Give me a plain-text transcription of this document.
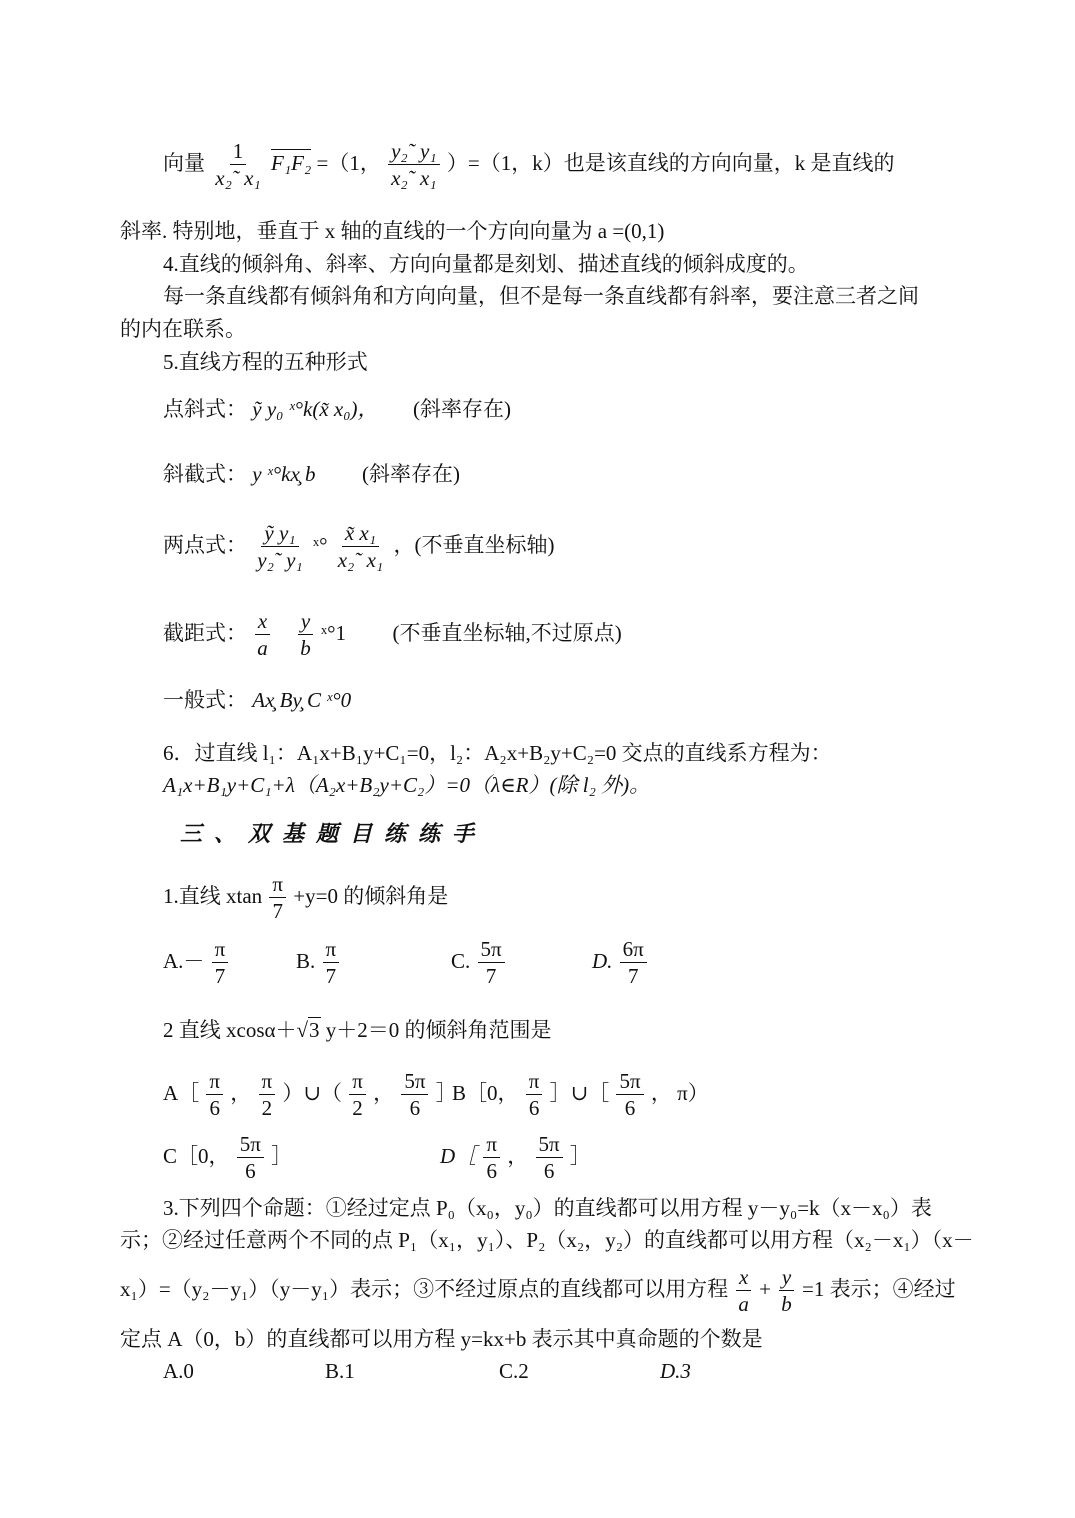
向量 $\frac{1}{\text{x₂˜ x₁}} F_1F_2 =(1$， $\frac{\text{y₂˜ y₁}}{\text{x₂˜ x₁}} )=(1$，k）也是该直线的方向向量，k 是直线的
斜率. 特别地，垂直于 x 轴的直线的一个方向向量为 a =(0,1)
4.直线的倾斜角、斜率、方向向量都是刻划、描述直线的倾斜成度的。
每一条直线都有倾斜角和方向向量，但不是每一条直线都有斜率，要注意三者之间
的内在联系。
5.直线方程的五种形式
点斜式： ỹ y₀ ˣ°k(x̃ x₀)， (斜率存在)
斜截式： y ˣ°kx̧ b (斜率存在)
两点式： $\frac{\text{ỹ y₁}}{\text{y₂˜ y₁}}$ ˣ° $\frac{\text{x̃ x₁}}{\text{x₂˜ x₁}}$ ，(不垂直坐标轴)
截距式： $\frac{x}{a}$
$\frac{y}{b}$ ˣ°1 (不垂直坐标轴,不过原点)
一般式： Ax̧ By̧ C ˣ°0
6．过直线 l₁：A₁x+B₁y+C₁=0，l₂：A₂x+B₂y+C₂=0 交点的直线系方程为：
A₁x+B₁y+C₁+λ（A₂x+B₂y+C₂）=0（λ∈R）(除 l₂ 外)。
三、双基题目练练手
1.直线 xtan $\frac{\pi}{7} +y=0$ 的倾斜角是
$A.- \frac{\pi}{7}$	B. $\frac{\pi}{7}$	C. $\frac{5\pi}{7}$	D. $\frac{6\pi}{7}$
2 直线 xcosα＋√3 y＋2＝0 的倾斜角范围是
A［ $\frac{\pi}{6}$ ， $\frac{\pi}{2}$ ）∪（ $\frac{\pi}{2}$ ， $\frac{5\pi}{6}$ ］
B［0， $\frac{\pi}{6}$ ］∪［ $\frac{5\pi}{6}$ ， π）
C［0， $\frac{5\pi}{6}$ ］	D［ $\frac{\pi}{6}$ ， $\frac{5\pi}{6}$ ］
3.下列四个命题：①经过定点 P₀（x₀，y₀）的直线都可以用方程 y－y₀=k（x－x₀）表
示；②经过任意两个不同的点 P₁（x₁，y₁）、P₂（x₂，y₂）的直线都可以用方程（x₂－x₁）（x－
x₁）=（y₂－y₁）（y－y₁）表示；③不经过原点的直线都可以用方程 $\frac{x}{a} + \frac{y}{b} =1$ 表示；④经过
定点 A（0，b）的直线都可以用方程 y=kx+b 表示其中真命题的个数是
A.0	B.1	C.2	D.3
